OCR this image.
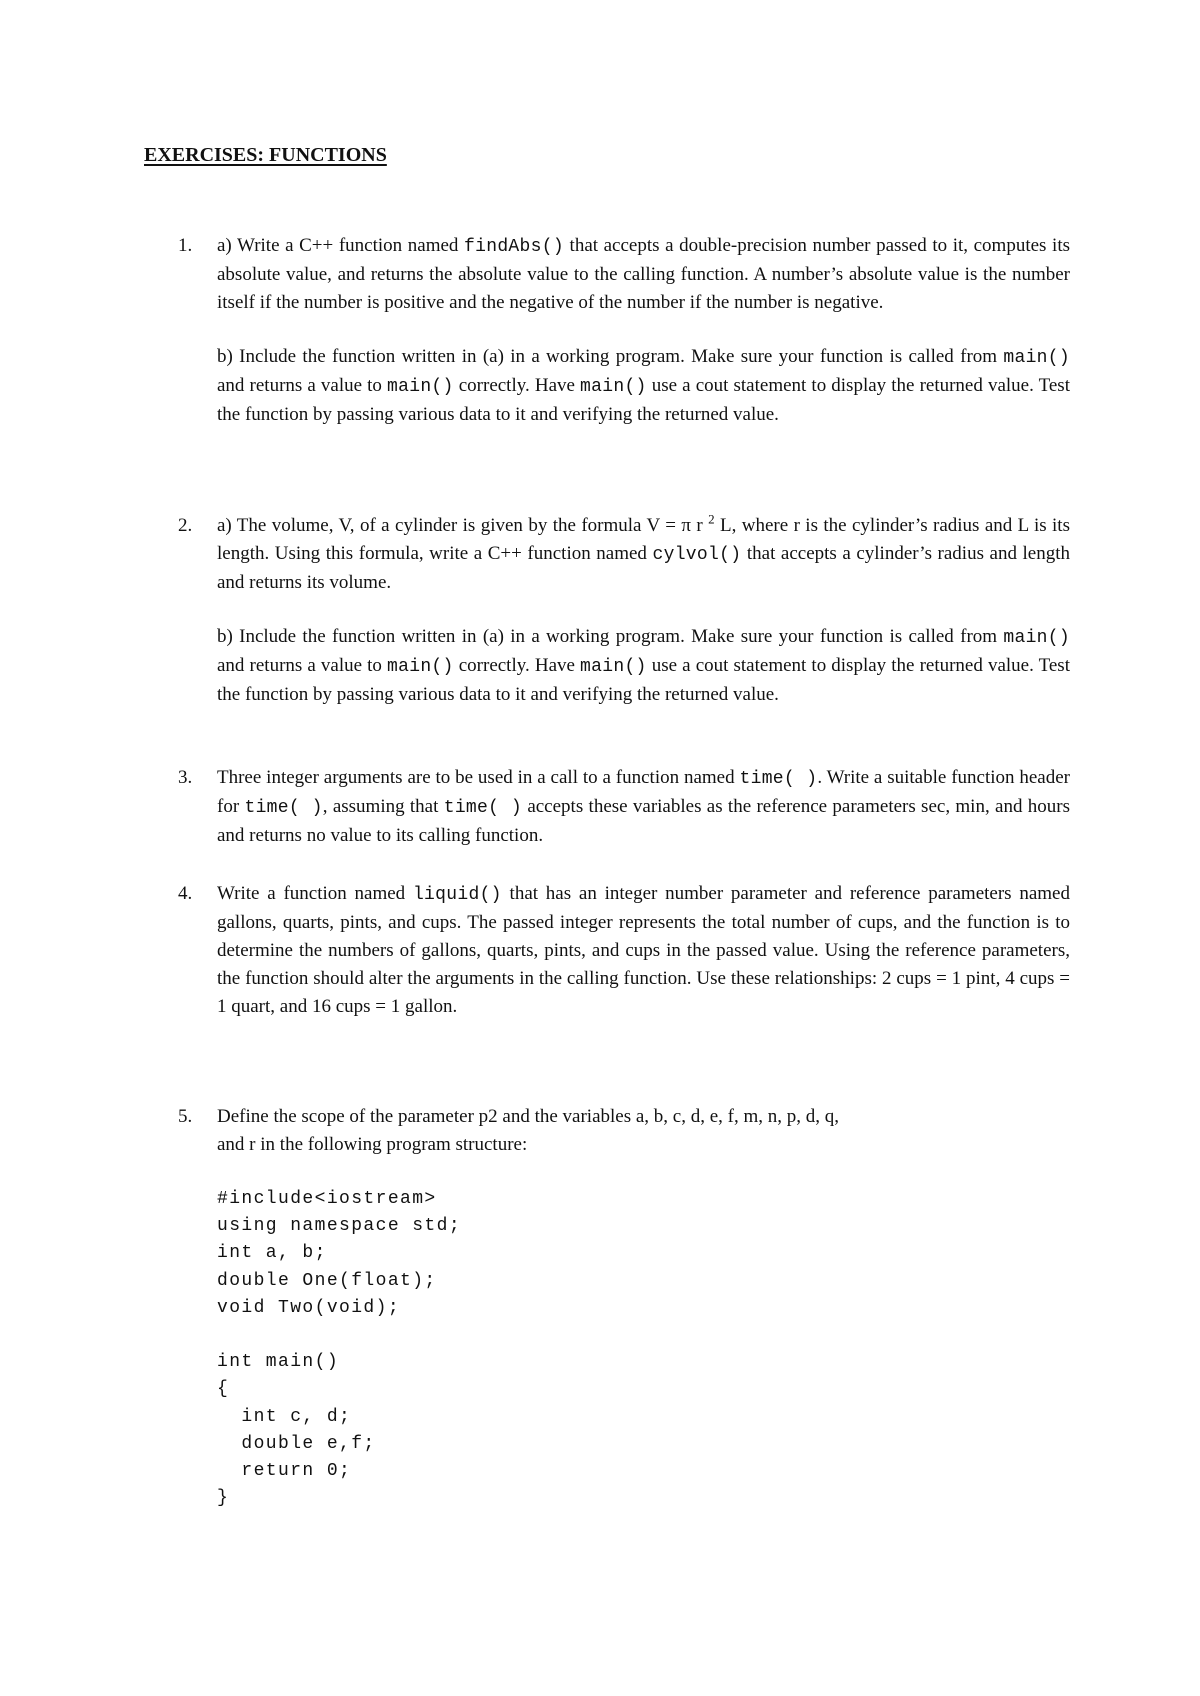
EXERCISES: FUNCTIONS
1. a) Write a C++ function named findAbs() that accepts a double-precision number passed to it, computes its absolute value, and returns the absolute value to the calling function. A number’s absolute value is the number itself if the number is positive and the negative of the number if the number is negative.

b) Include the function written in (a) in a working program. Make sure your function is called from main() and returns a value to main() correctly. Have main() use a cout statement to display the returned value. Test the function by passing various data to it and verifying the returned value.

2. a) The volume, V, of a cylinder is given by the formula V = π r $^2$ L, where r is the cylinder’s radius and L is its length. Using this formula, write a C++ function named cylvol() that accepts a cylinder’s radius and length and returns its volume.

b) Include the function written in (a) in a working program. Make sure your function is called from main() and returns a value to main() correctly. Have main() use a cout statement to display the returned value. Test the function by passing various data to it and verifying the returned value.

3. Three integer arguments are to be used in a call to a function named time( ). Write a suitable function header for time( ), assuming that time( ) accepts these variables as the reference parameters sec, min, and hours and returns no value to its calling function.

4. Write a function named liquid() that has an integer number parameter and reference parameters named gallons, quarts, pints, and cups. The passed integer represents the total number of cups, and the function is to determine the numbers of gallons, quarts, pints, and cups in the passed value. Using the reference parameters, the function should alter the arguments in the calling function. Use these relationships: 2 cups = 1 pint, 4 cups = 1 quart, and 16 cups = 1 gallon.

5. Define the scope of the parameter p2 and the variables a, b, c, d, e, f, m, n, p, d, q,

and r in the following program structure:

#include<iostream>
using namespace std;
int a, b;
double One(float);
void Two(void);

int main()
{
int c, d;
double e,f;
return 0;
}
